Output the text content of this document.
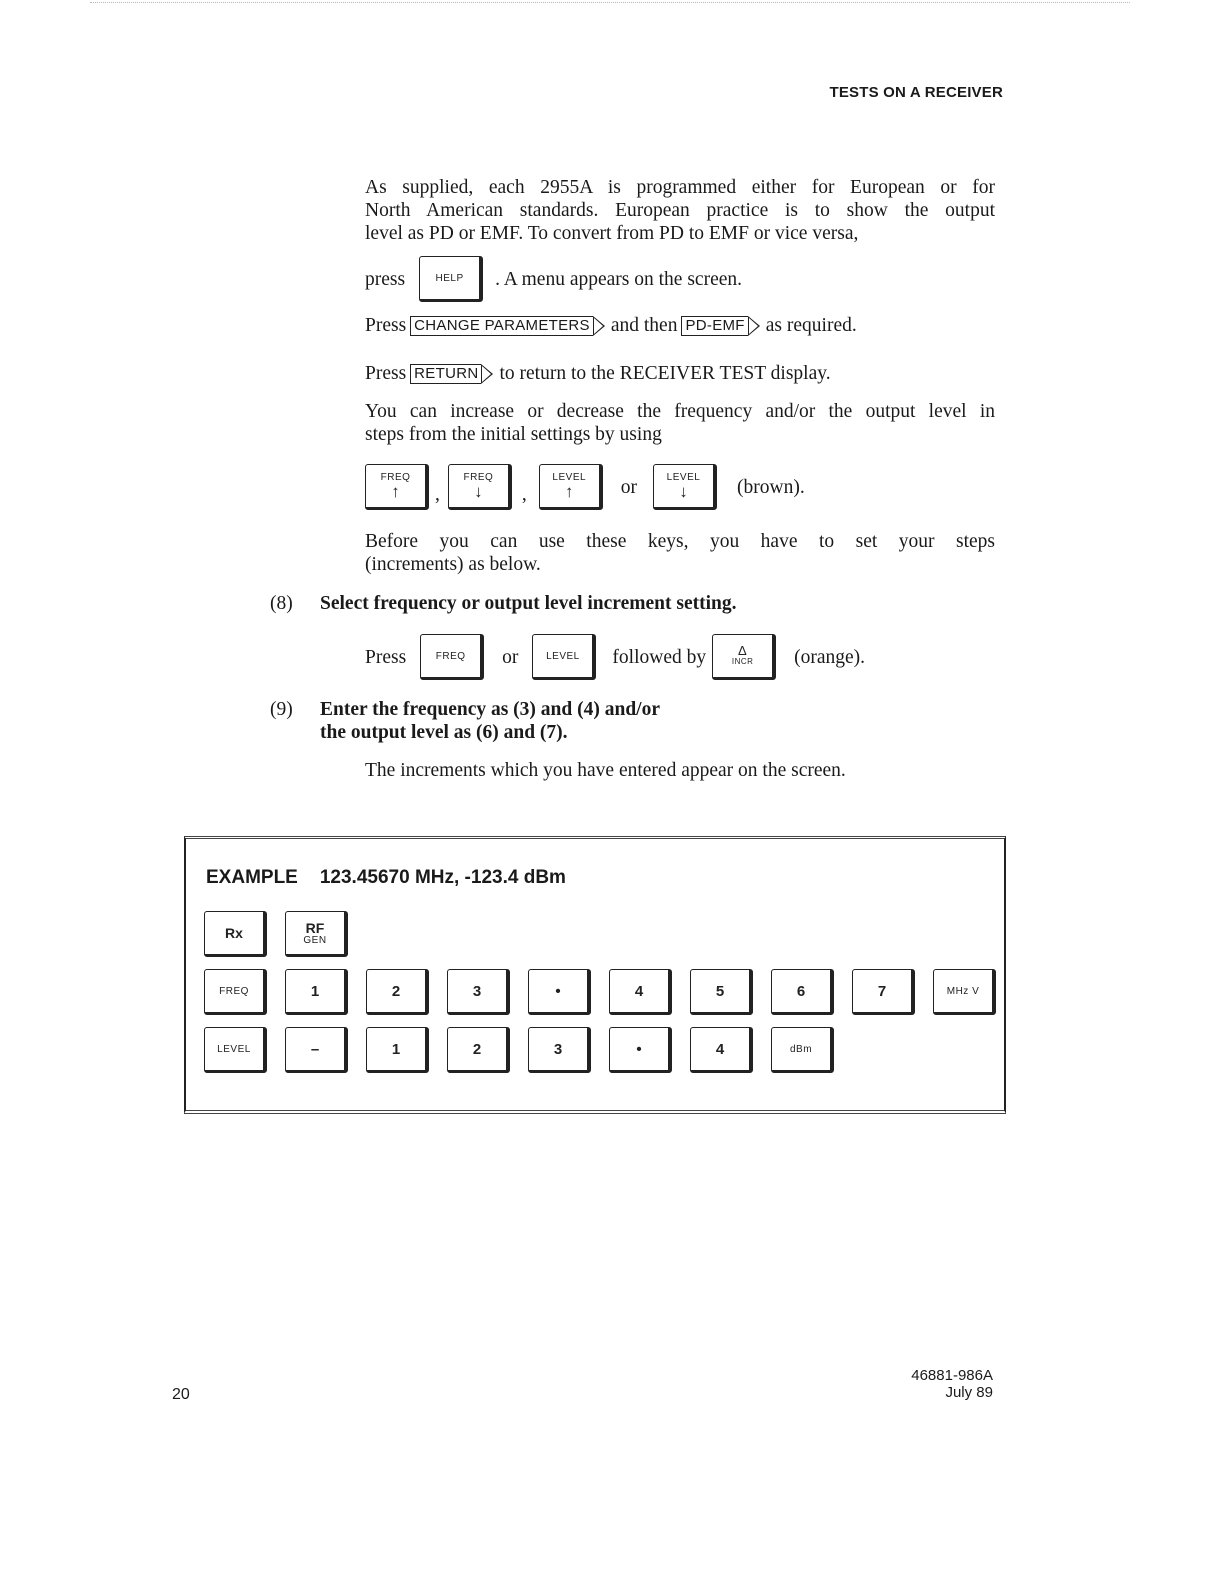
TESTS ON A RECEIVER

As supplied, each 2955A is programmed either for European or for

North American standards. European practice is to show the output

level as PD or EMF. To convert from PD to EMF or vice versa,

press	HELP . A menu appears on the screen.
Press CHANGE PARAMETERS and then PD-EMF as required.
Press RETURN to return to the RECEIVER TEST display.

You can increase or decrease the frequency and/or the output level in

steps from the initial settings by using

FREQ
↑ ,
FREQ
↓ ,
LEVEL
↑ or	LEVEL
↓	(brown).

Before you can use these keys, you have to set your steps

(increments) as below.

(8) Select frequency or output level increment setting.
Press	FREQ or	LEVEL followed by Δ
INCR (orange).
(9) Enter the frequency as (3) and (4) and/or
the output level as (6) and (7).
The increments which you have entered appear on the screen.
EXAMPLE 123.45670 MHz, -123.4 dBm
Rx	RF
GEN
FREQ	1	2	3	•	4	5	6	7	MHz V
LEVEL	–	1	2	3	•	4	dBm
20
46881-986A
July 89
